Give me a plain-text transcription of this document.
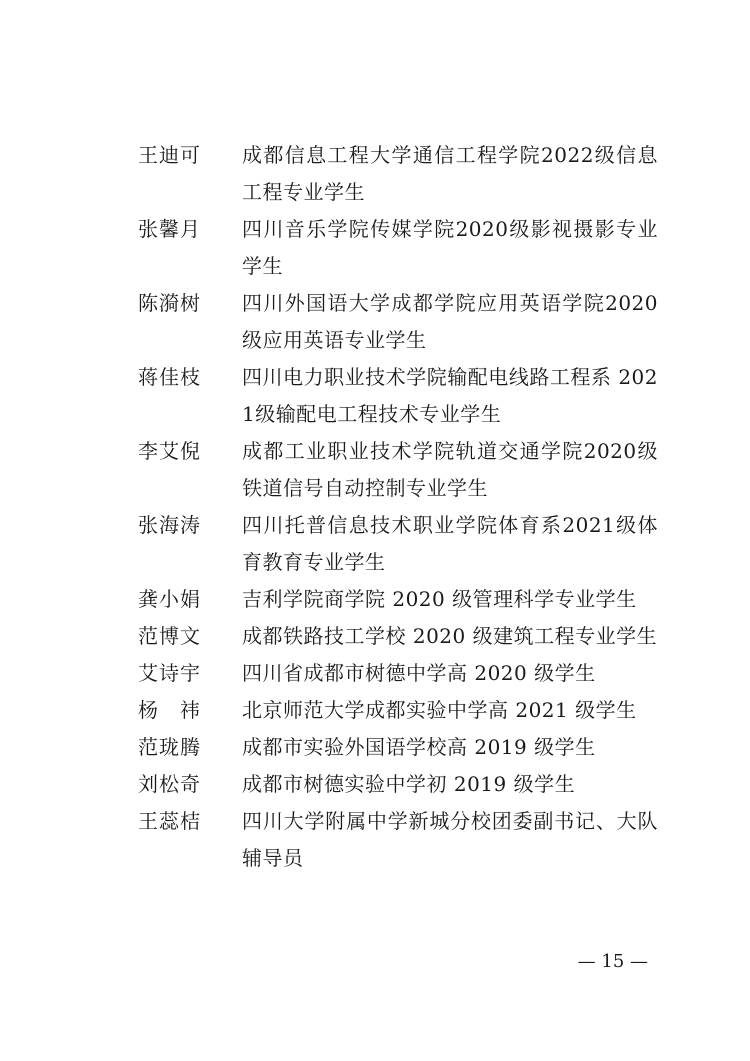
王迪可	成都信息工程大学通信工程学院2022级信息工程专业学生
张馨月	四川音乐学院传媒学院2020级影视摄影专业学生
陈漪树	四川外国语大学成都学院应用英语学院2020级应用英语专业学生
蒋佳枝	四川电力职业技术学院输配电线路工程系 2021级输配电工程技术专业学生
李艾倪	成都工业职业技术学院轨道交通学院2020级铁道信号自动控制专业学生
张海涛	四川托普信息技术职业学院体育系2021级体育教育专业学生
龚小娟	吉利学院商学院 2020 级管理科学专业学生
范博文	成都铁路技工学校 2020 级建筑工程专业学生
艾诗宇	四川省成都市树德中学高 2020 级学生
杨　祎	北京师范大学成都实验中学高 2021 级学生
范珑腾	成都市实验外国语学校高 2019 级学生
刘松奇	成都市树德实验中学初 2019 级学生
王蕊桔	四川大学附属中学新城分校团委副书记、大队辅导员
— 15 —
